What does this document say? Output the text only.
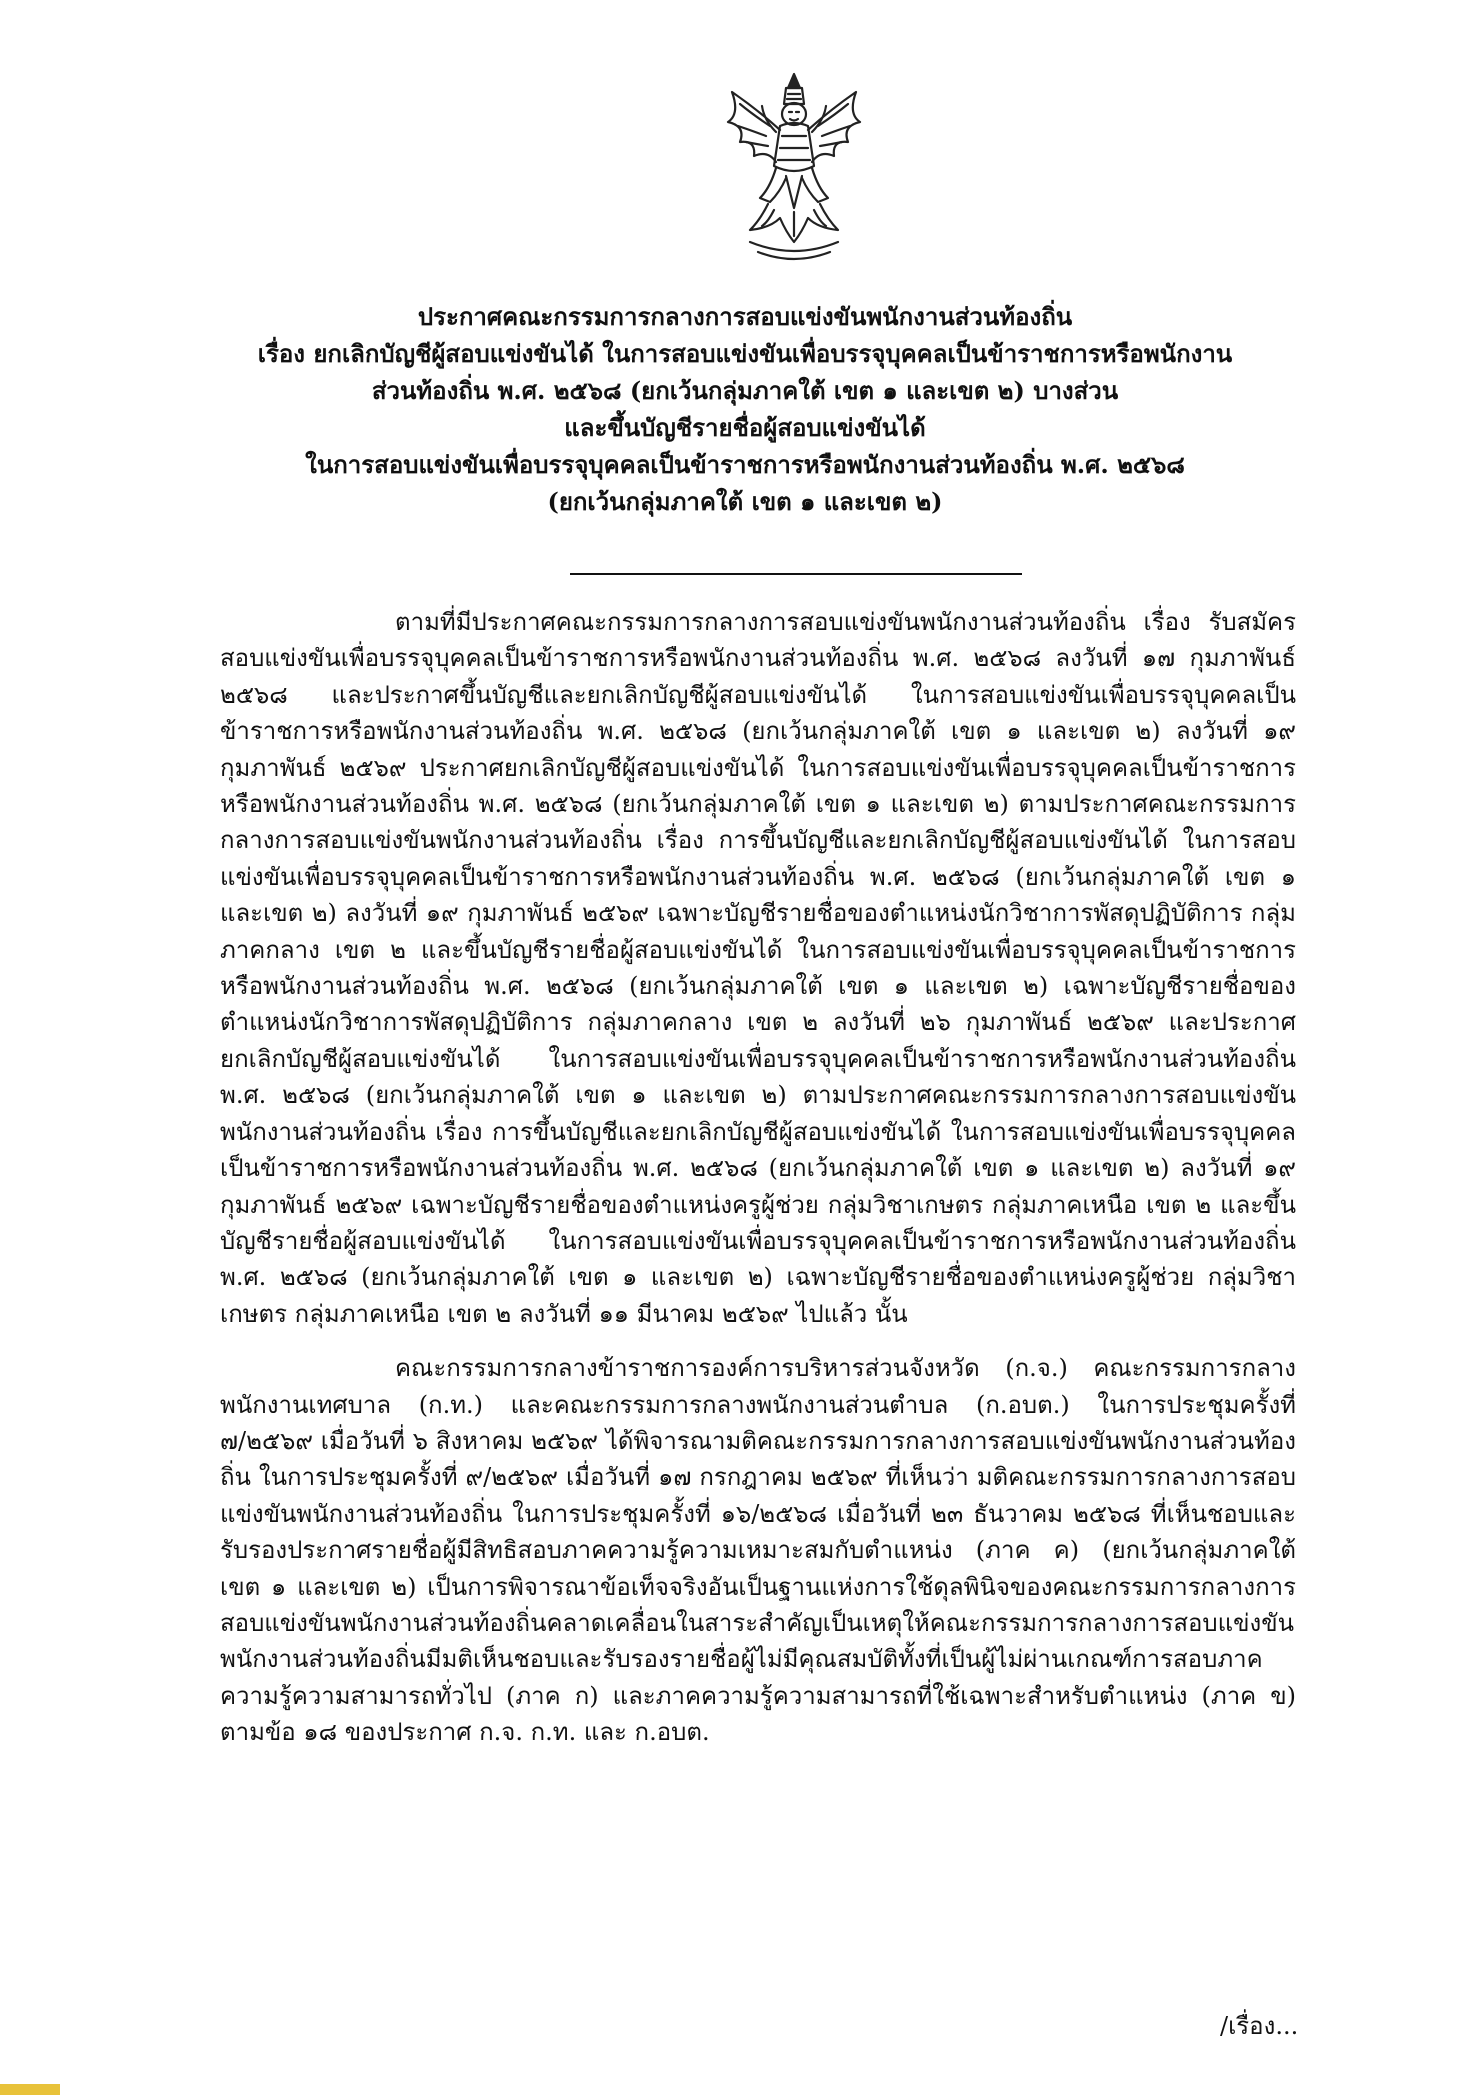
ประกาศคณะกรรมการกลางการสอบแข่งขันพนักงานส่วนท้องถิ่น
เรื่อง ยกเลิกบัญชีผู้สอบแข่งขันได้ ในการสอบแข่งขันเพื่อบรรจุบุคคลเป็นข้าราชการหรือพนักงาน
ส่วนท้องถิ่น พ.ศ. ๒๕๖๘ (ยกเว้นกลุ่มภาคใต้ เขต ๑ และเขต ๒) บางส่วน
และขึ้นบัญชีรายชื่อผู้สอบแข่งขันได้
ในการสอบแข่งขันเพื่อบรรจุบุคคลเป็นข้าราชการหรือพนักงานส่วนท้องถิ่น พ.ศ. ๒๕๖๘
(ยกเว้นกลุ่มภาคใต้ เขต ๑ และเขต ๒)

ตามที่มีประกาศคณะกรรมการกลางการสอบแข่งขันพนักงานส่วนท้องถิ่น เรื่อง รับสมัครสอบแข่งขันเพื่อบรรจุบุคคลเป็นข้าราชการหรือพนักงานส่วนท้องถิ่น พ.ศ. ๒๕๖๘ ลงวันที่ ๑๗ กุมภาพันธ์ ๒๕๖๘ และประกาศขึ้นบัญชีและยกเลิกบัญชีผู้สอบแข่งขันได้ ในการสอบแข่งขันเพื่อบรรจุบุคคลเป็นข้าราชการหรือพนักงานส่วนท้องถิ่น พ.ศ. ๒๕๖๘ (ยกเว้นกลุ่มภาคใต้ เขต ๑ และเขต ๒) ลงวันที่ ๑๙ กุมภาพันธ์ ๒๕๖๙ ประกาศยกเลิกบัญชีผู้สอบแข่งขันได้ ในการสอบแข่งขันเพื่อบรรจุบุคคลเป็นข้าราชการหรือพนักงานส่วนท้องถิ่น พ.ศ. ๒๕๖๘ (ยกเว้นกลุ่มภาคใต้ เขต ๑ และเขต ๒) ตามประกาศคณะกรรมการกลางการสอบแข่งขันพนักงานส่วนท้องถิ่น เรื่อง การขึ้นบัญชีและยกเลิกบัญชีผู้สอบแข่งขันได้ ในการสอบแข่งขันเพื่อบรรจุบุคคลเป็นข้าราชการหรือพนักงานส่วนท้องถิ่น พ.ศ. ๒๕๖๘ (ยกเว้นกลุ่มภาคใต้ เขต ๑ และเขต ๒) ลงวันที่ ๑๙ กุมภาพันธ์ ๒๕๖๙ เฉพาะบัญชีรายชื่อของตำแหน่งนักวิชาการพัสดุปฏิบัติการ กลุ่มภาคกลาง เขต ๒ และขึ้นบัญชีรายชื่อผู้สอบแข่งขันได้ ในการสอบแข่งขันเพื่อบรรจุบุคคลเป็นข้าราชการหรือพนักงานส่วนท้องถิ่น พ.ศ. ๒๕๖๘ (ยกเว้นกลุ่มภาคใต้ เขต ๑ และเขต ๒) เฉพาะบัญชีรายชื่อของตำแหน่งนักวิชาการพัสดุปฏิบัติการ กลุ่มภาคกลาง เขต ๒ ลงวันที่ ๒๖ กุมภาพันธ์ ๒๕๖๙ และประกาศยกเลิกบัญชีผู้สอบแข่งขันได้ ในการสอบแข่งขันเพื่อบรรจุบุคคลเป็นข้าราชการหรือพนักงานส่วนท้องถิ่น พ.ศ. ๒๕๖๘ (ยกเว้นกลุ่มภาคใต้ เขต ๑ และเขต ๒) ตามประกาศคณะกรรมการกลางการสอบแข่งขันพนักงานส่วนท้องถิ่น เรื่อง การขึ้นบัญชีและยกเลิกบัญชีผู้สอบแข่งขันได้ ในการสอบแข่งขันเพื่อบรรจุบุคคลเป็นข้าราชการหรือพนักงานส่วนท้องถิ่น พ.ศ. ๒๕๖๘ (ยกเว้นกลุ่มภาคใต้ เขต ๑ และเขต ๒) ลงวันที่ ๑๙ กุมภาพันธ์ ๒๕๖๙ เฉพาะบัญชีรายชื่อของตำแหน่งครูผู้ช่วย กลุ่มวิชาเกษตร กลุ่มภาคเหนือ เขต ๒ และขึ้นบัญชีรายชื่อผู้สอบแข่งขันได้ ในการสอบแข่งขันเพื่อบรรจุบุคคลเป็นข้าราชการหรือพนักงานส่วนท้องถิ่น พ.ศ. ๒๕๖๘ (ยกเว้นกลุ่มภาคใต้ เขต ๑ และเขต ๒) เฉพาะบัญชีรายชื่อของตำแหน่งครูผู้ช่วย กลุ่มวิชาเกษตร กลุ่มภาคเหนือ เขต ๒ ลงวันที่ ๑๑ มีนาคม ๒๕๖๙ ไปแล้ว นั้น

คณะกรรมการกลางข้าราชการองค์การบริหารส่วนจังหวัด (ก.จ.) คณะกรรมการกลางพนักงานเทศบาล (ก.ท.) และคณะกรรมการกลางพนักงานส่วนตำบล (ก.อบต.) ในการประชุมครั้งที่ ๗/๒๕๖๙ เมื่อวันที่ ๖ สิงหาคม ๒๕๖๙ ได้พิจารณามติคณะกรรมการกลางการสอบแข่งขันพนักงานส่วนท้องถิ่น ในการประชุมครั้งที่ ๙/๒๕๖๙ เมื่อวันที่ ๑๗ กรกฎาคม ๒๕๖๙ ที่เห็นว่า มติคณะกรรมการกลางการสอบแข่งขันพนักงานส่วนท้องถิ่น ในการประชุมครั้งที่ ๑๖/๒๕๖๘ เมื่อวันที่ ๒๓ ธันวาคม ๒๕๖๘ ที่เห็นชอบและรับรองประกาศรายชื่อผู้มีสิทธิสอบภาคความรู้ความเหมาะสมกับตำแหน่ง (ภาค ค) (ยกเว้นกลุ่มภาคใต้ เขต ๑ และเขต ๒) เป็นการพิจารณาข้อเท็จจริงอันเป็นฐานแห่งการใช้ดุลพินิจของคณะกรรมการกลางการสอบแข่งขันพนักงานส่วนท้องถิ่นคลาดเคลื่อนในสาระสำคัญเป็นเหตุให้คณะกรรมการกลางการสอบแข่งขันพนักงานส่วนท้องถิ่นมีมติเห็นชอบและรับรองรายชื่อผู้ไม่มีคุณสมบัติทั้งที่เป็นผู้ไม่ผ่านเกณฑ์การสอบภาคความรู้ความสามารถทั่วไป (ภาค ก) และภาคความรู้ความสามารถที่ใช้เฉพาะสำหรับตำแหน่ง (ภาค ข) ตามข้อ ๑๘ ของประกาศ ก.จ. ก.ท. และ ก.อบต.

/เรื่อง...
